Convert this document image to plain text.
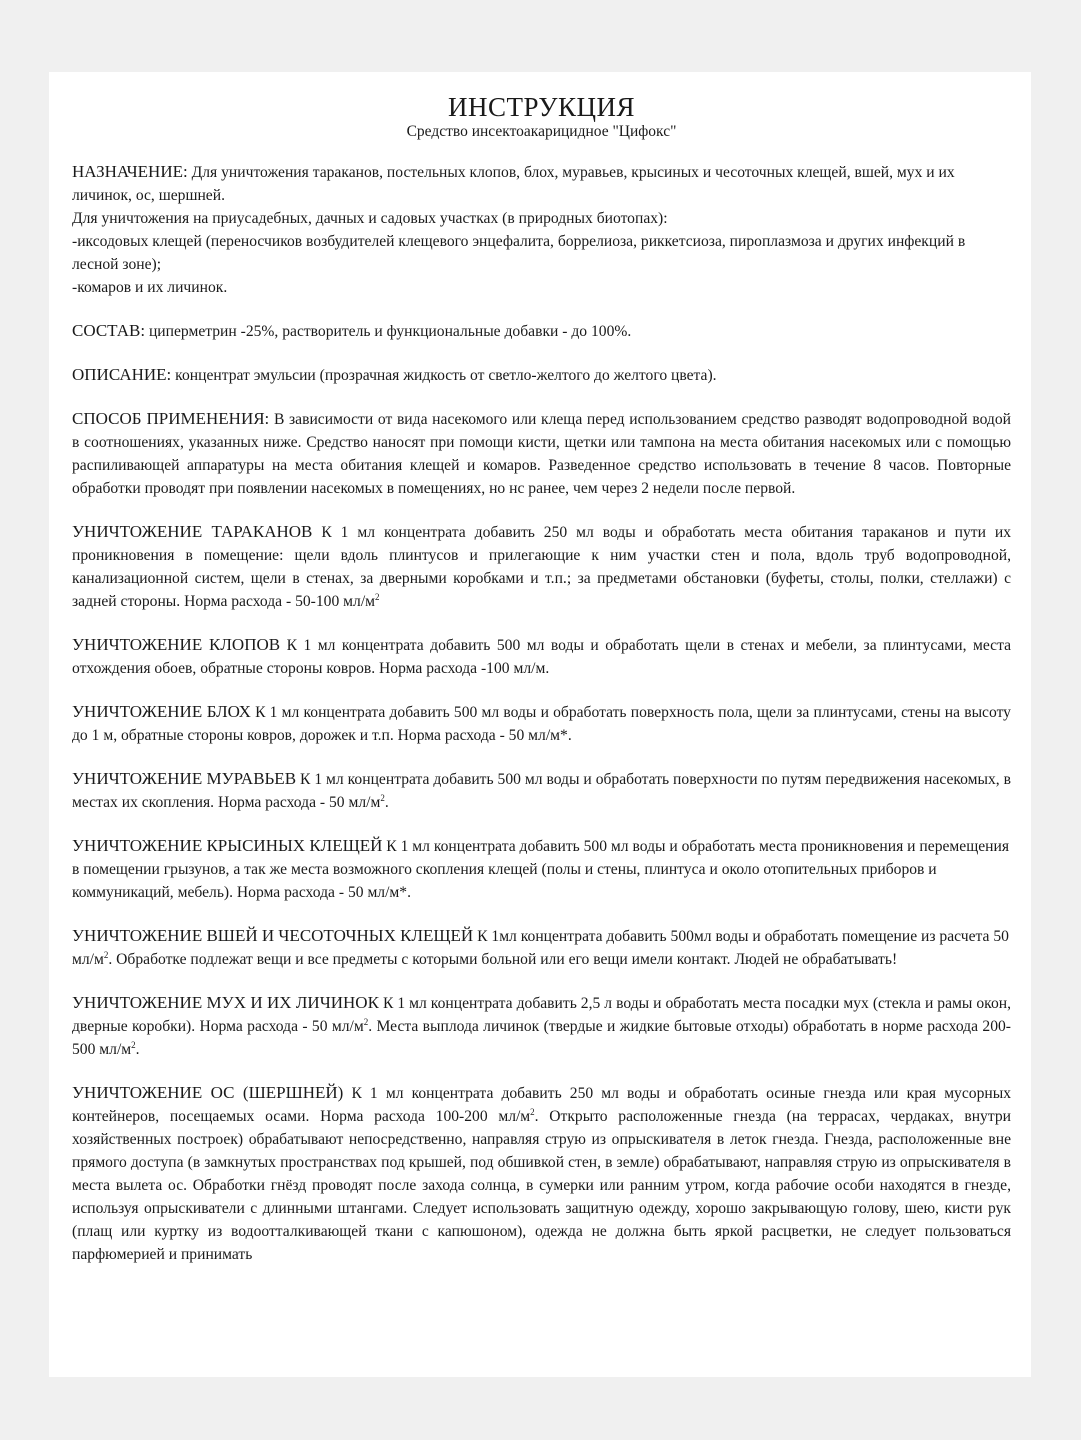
ИНСТРУКЦИЯ

Средство инсектоакарицидное "Цифокс"

НАЗНАЧЕНИЕ: Для уничтожения тараканов, постельных клопов, блох, муравьев, крысиных и чесоточных клещей, вшей, мух и их личинок, ос, шершней.
Для уничтожения на приусадебных, дачных и садовых участках (в природных биотопах):
-иксодовых клещей (переносчиков возбудителей клещевого энцефалита, боррелиоза, риккетсиоза, пироплазмоза и других инфекций в лесной зоне);
-комаров и их личинок.

СОСТАВ: циперметрин -25%, растворитель и функциональные добавки - до 100%.

ОПИСАНИЕ: концентрат эмульсии (прозрачная жидкость от светло-желтого до желтого цвета).

СПОСОБ ПРИМЕНЕНИЯ: В зависимости от вида насекомого или клеща перед использованием средство разводят водопроводной водой в соотношениях, указанных ниже. Средство наносят при помощи кисти, щетки или тампона на места обитания насекомых или с помощью распиливающей аппаратуры на места обитания клещей и комаров. Разведенное средство использовать в течение 8 часов. Повторные обработки проводят при появлении насекомых в помещениях, но нс ранее, чем через 2 недели после первой.

УНИЧТОЖЕНИЕ ТАРАКАНОВ К 1 мл концентрата добавить 250 мл воды и обработать места обитания тараканов и пути их проникновения в помещение: щели вдоль плинтусов и прилегающие к ним участки стен и пола, вдоль труб водопроводной, канализационной систем, щели в стенах, за дверными коробками и т.п.; за предметами обстановки (буфеты, столы, полки, стеллажи) с задней стороны. Норма расхода - 50-100 $мл/м^2$

УНИЧТОЖЕНИЕ КЛОПОВ К 1 мл концентрата добавить 500 мл воды и обработать щели в стенах и мебели, за плинтусами, места отхождения обоев, обратные стороны ковров. Норма расхода -100 мл/м.

УНИЧТОЖЕНИЕ БЛОХ К 1 мл концентрата добавить 500 мл воды и обработать поверхность пола, щели за плинтусами, стены на высоту до 1 м, обратные стороны ковров, дорожек и т.п. Норма расхода - 50 мл/м*.

УНИЧТОЖЕНИЕ МУРАВЬЕВ К 1 мл концентрата добавить 500 мл воды и обработать поверхности по путям передвижения насекомых, в местах их скопления. Норма расхода - 50 $мл/м^2$.

УНИЧТОЖЕНИЕ КРЫСИНЫХ КЛЕЩЕЙ К 1 мл концентрата добавить 500 мл воды и обработать места проникновения и перемещения в помещении грызунов, а так же места возможного скопления клещей (полы и стены, плинтуса и около отопительных приборов и коммуникаций, мебель). Норма расхода - 50 мл/м*.

УНИЧТОЖЕНИЕ ВШЕЙ И ЧЕСОТОЧНЫХ КЛЕЩЕЙ К 1мл концентрата добавить 500мл воды и обработать помещение из расчета 50 $мл/м^2$. Обработке подлежат вещи и все предметы с которыми больной или его вещи имели контакт. Людей не обрабатывать!

УНИЧТОЖЕНИЕ МУХ И ИХ ЛИЧИНОК К 1 мл концентрата добавить 2,5 л воды и обработать места посадки мух (стекла и рамы окон, дверные коробки). Норма расхода - 50 $мл/м^2$. Места выплода личинок (твердые и жидкие бытовые отходы) обработать в норме расхода 200-500 $мл/м^2$.

УНИЧТОЖЕНИЕ ОС (ШЕРШНЕЙ) К 1 мл концентрата добавить 250 мл воды и обработать осиные гнезда или края мусорных контейнеров, посещаемых осами. Норма расхода 100-200 $мл/м^2$. Открыто расположенные гнезда (на террасах, чердаках, внутри хозяйственных построек) обрабатывают непосредственно, направляя струю из опрыскивателя в леток гнезда. Гнезда, расположенные вне прямого доступа (в замкнутых пространствах под крышей, под обшивкой стен, в земле) обрабатывают, направляя струю из опрыскивателя в места вылета ос. Обработки гнёзд проводят после захода солнца, в сумерки или ранним утром, когда рабочие особи находятся в гнезде, используя опрыскиватели с длинными штангами. Следует использовать защитную одежду, хорошо закрывающую голову, шею, кисти рук (плащ или куртку из водоотталкивающей ткани с капюшоном), одежда не должна быть яркой расцветки, не следует пользоваться парфюмерией и принимать
